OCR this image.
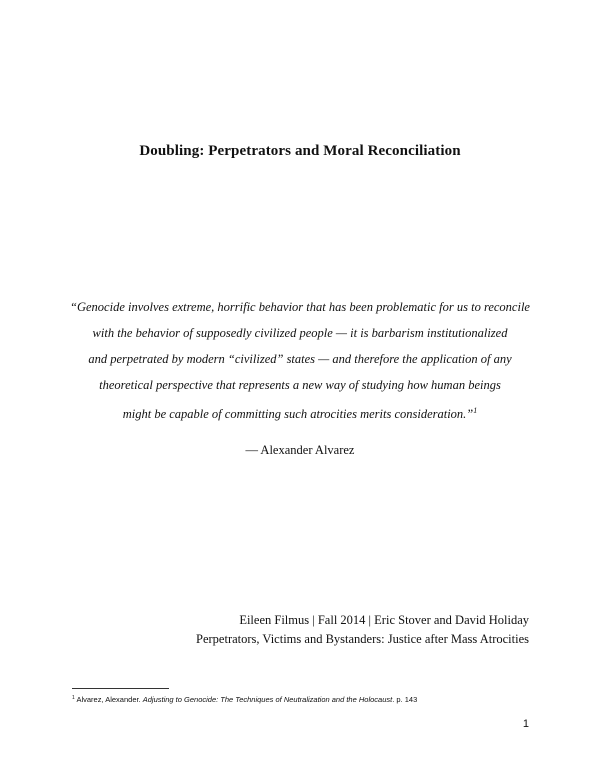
Doubling: Perpetrators and Moral Reconciliation
“Genocide involves extreme, horrific behavior that has been problematic for us to reconcile
with the behavior of supposedly civilized people — it is barbarism institutionalized
and perpetrated by modern “civilized” states — and therefore the application of any
theoretical perspective that represents a new way of studying how human beings
might be capable of committing such atrocities merits consideration.”$^1$
— Alexander Alvarez
Eileen Filmus | Fall 2014 | Eric Stover and David Holiday
Perpetrators, Victims and Bystanders: Justice after Mass Atrocities
$^1$ Alvarez, Alexander. Adjusting to Genocide: The Techniques of Neutralization and the Holocaust. p. 143
1
